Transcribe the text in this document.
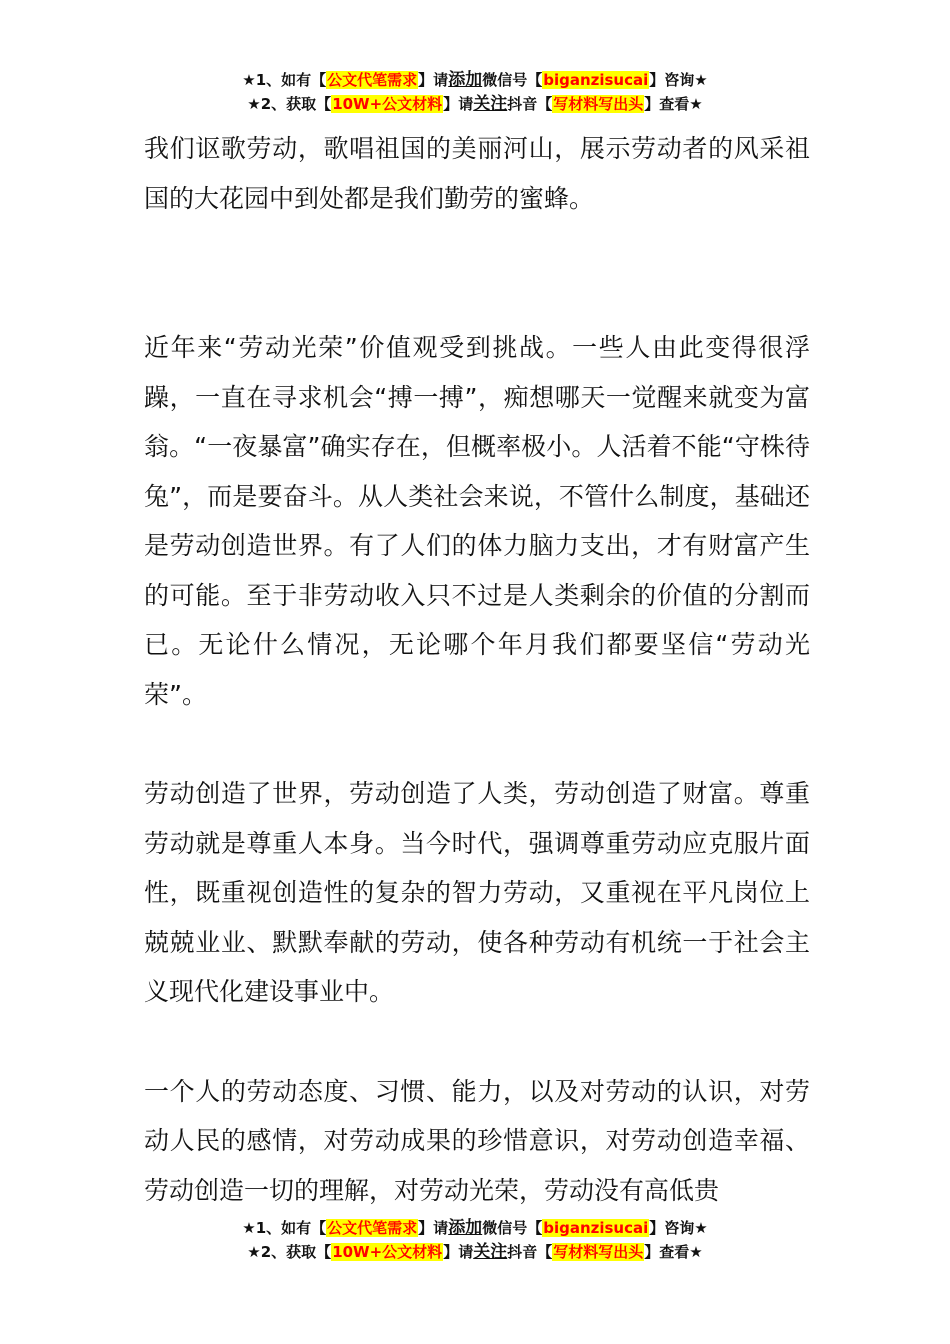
★1、如有【公文代笔需求】请添加微信号【biganzisucai】咨询★
★2、获取【10W+公文材料】请关注抖音【写材料写出头】查看★

我们讴歌劳动，歌唱祖国的美丽河山，展示劳动者的风采祖国的大花园中到处都是我们勤劳的蜜蜂。

近年来“劳动光荣”价值观受到挑战。一些人由此变得很浮躁，一直在寻求机会“搏一搏”，痴想哪天一觉醒来就变为富翁。“一夜暴富”确实存在，但概率极小。人活着不能“守株待兔”，而是要奋斗。从人类社会来说，不管什么制度，基础还是劳动创造世界。有了人们的体力脑力支出，才有财富产生的可能。至于非劳动收入只不过是人类剩余的价值的分割而已。无论什么情况，无论哪个年月我们都要坚信“劳动光荣”。

劳动创造了世界，劳动创造了人类，劳动创造了财富。尊重劳动就是尊重人本身。当今时代，强调尊重劳动应克服片面性，既重视创造性的复杂的智力劳动，又重视在平凡岗位上兢兢业业、默默奉献的劳动，使各种劳动有机统一于社会主义现代化建设事业中。

一个人的劳动态度、习惯、能力，以及对劳动的认识，对劳动人民的感情，对劳动成果的珍惜意识，对劳动创造幸福、劳动创造一切的理解，对劳动光荣，劳动没有高低贵

★1、如有【公文代笔需求】请添加微信号【biganzisucai】咨询★
★2、获取【10W+公文材料】请关注抖音【写材料写出头】查看★
